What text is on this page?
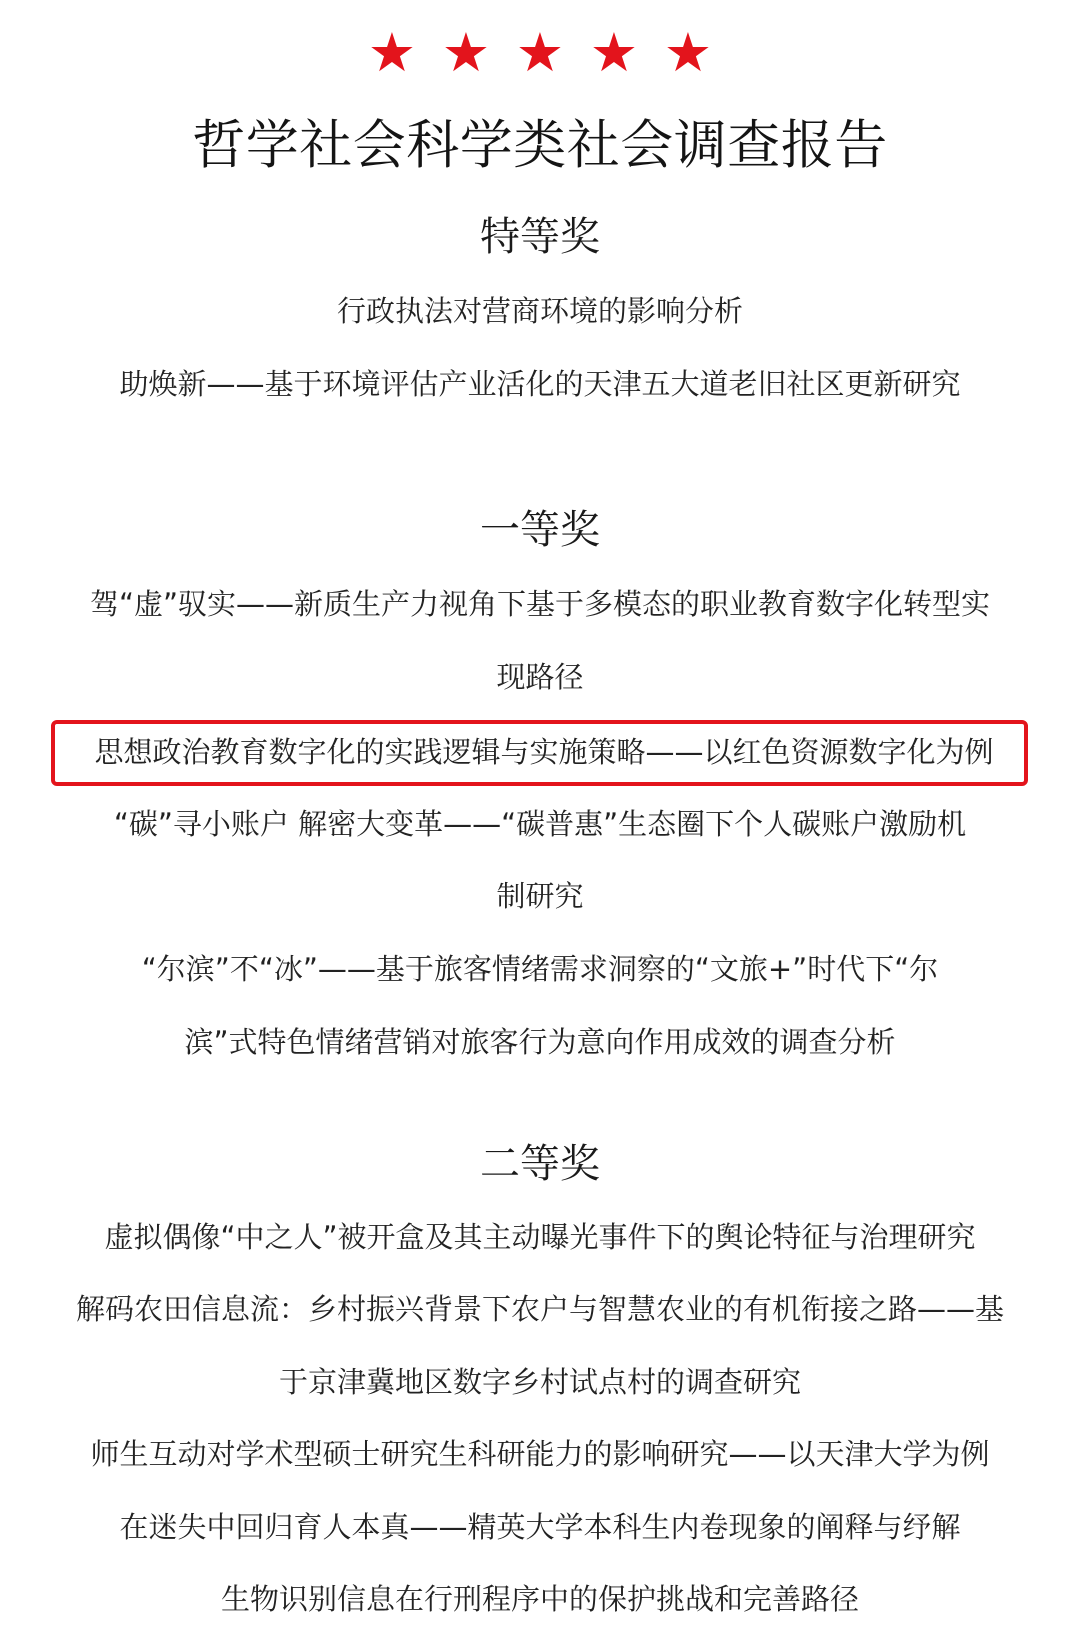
★
★
★
★
★
哲学社会科学类社会调查报告
特等奖
行政执法对营商环境的影响分析
助焕新——基于环境评估产业活化的天津五大道老旧社区更新研究
一等奖
驾“虚”驭实——新质生产力视角下基于多模态的职业教育数字化转型实
现路径
思想政治教育数字化的实践逻辑与实施策略——以红色资源数字化为例
“碳”寻小账户 解密大变革——“碳普惠”生态圈下个人碳账户激励机
制研究
“尔滨”不“冰”——基于旅客情绪需求洞察的“文旅+”时代下“尔
滨”式特色情绪营销对旅客行为意向作用成效的调查分析
二等奖
虚拟偶像“中之人”被开盒及其主动曝光事件下的舆论特征与治理研究
解码农田信息流：乡村振兴背景下农户与智慧农业的有机衔接之路——基
于京津冀地区数字乡村试点村的调查研究
师生互动对学术型硕士研究生科研能力的影响研究——以天津大学为例
在迷失中回归育人本真——精英大学本科生内卷现象的阐释与纾解
生物识别信息在行刑程序中的保护挑战和完善路径
